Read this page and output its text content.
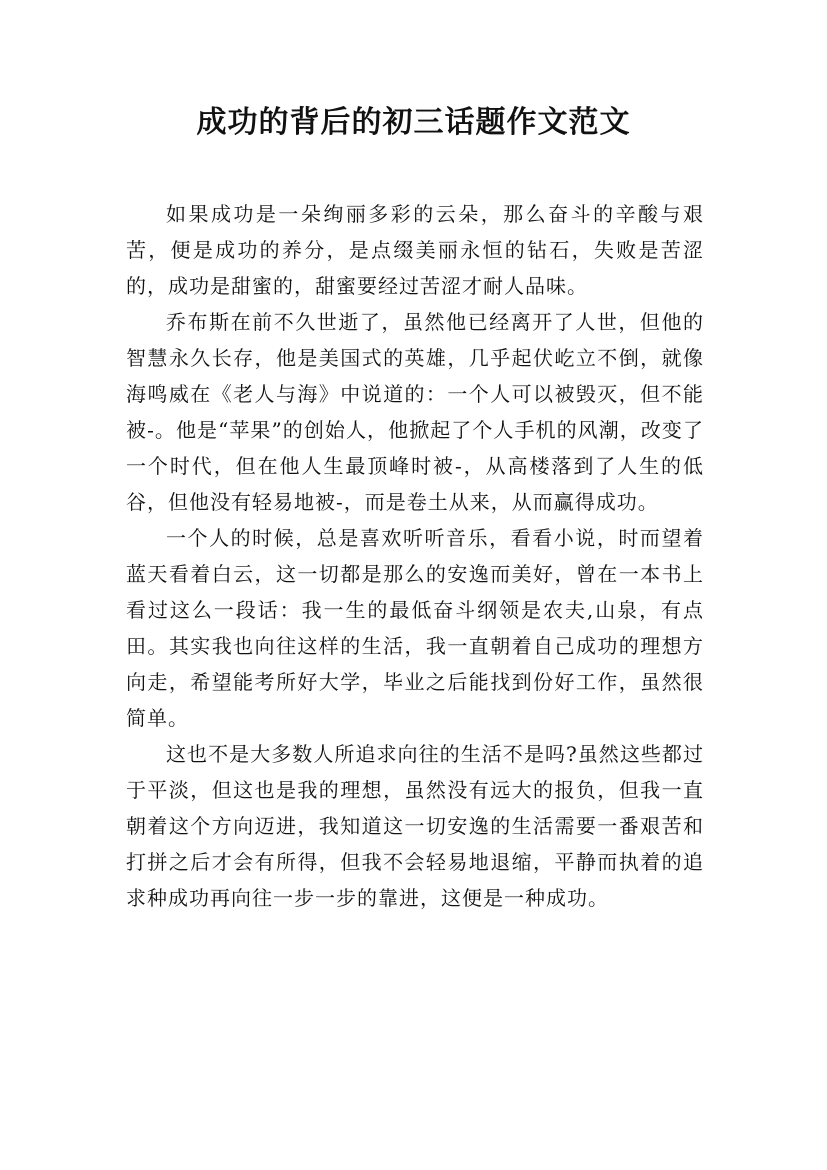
成功的背后的初三话题作文范文

如果成功是一朵绚丽多彩的云朵，那么奋斗的辛酸与艰苦，便是成功的养分，是点缀美丽永恒的钻石，失败是苦涩的，成功是甜蜜的，甜蜜要经过苦涩才耐人品味。

乔布斯在前不久世逝了，虽然他已经离开了人世，但他的智慧永久长存，他是美国式的英雄，几乎起伏屹立不倒，就像海鸣威在《老人与海》中说道的：一个人可以被毁灭，但不能被-。他是“苹果”的创始人，他掀起了个人手机的风潮，改变了一个时代，但在他人生最顶峰时被-，从高楼落到了人生的低谷，但他没有轻易地被-，而是卷土从来，从而赢得成功。

一个人的时候，总是喜欢听听音乐，看看小说，时而望着蓝天看着白云，这一切都是那么的安逸而美好，曾在一本书上看过这么一段话：我一生的最低奋斗纲领是农夫,山泉，有点田。其实我也向往这样的生活，我一直朝着自己成功的理想方向走，希望能考所好大学，毕业之后能找到份好工作，虽然很简单。

这也不是大多数人所追求向往的生活不是吗?虽然这些都过于平淡，但这也是我的理想，虽然没有远大的报负，但我一直朝着这个方向迈进，我知道这一切安逸的生活需要一番艰苦和打拼之后才会有所得，但我不会轻易地退缩，平静而执着的追求种成功再向往一步一步的靠进，这便是一种成功。
